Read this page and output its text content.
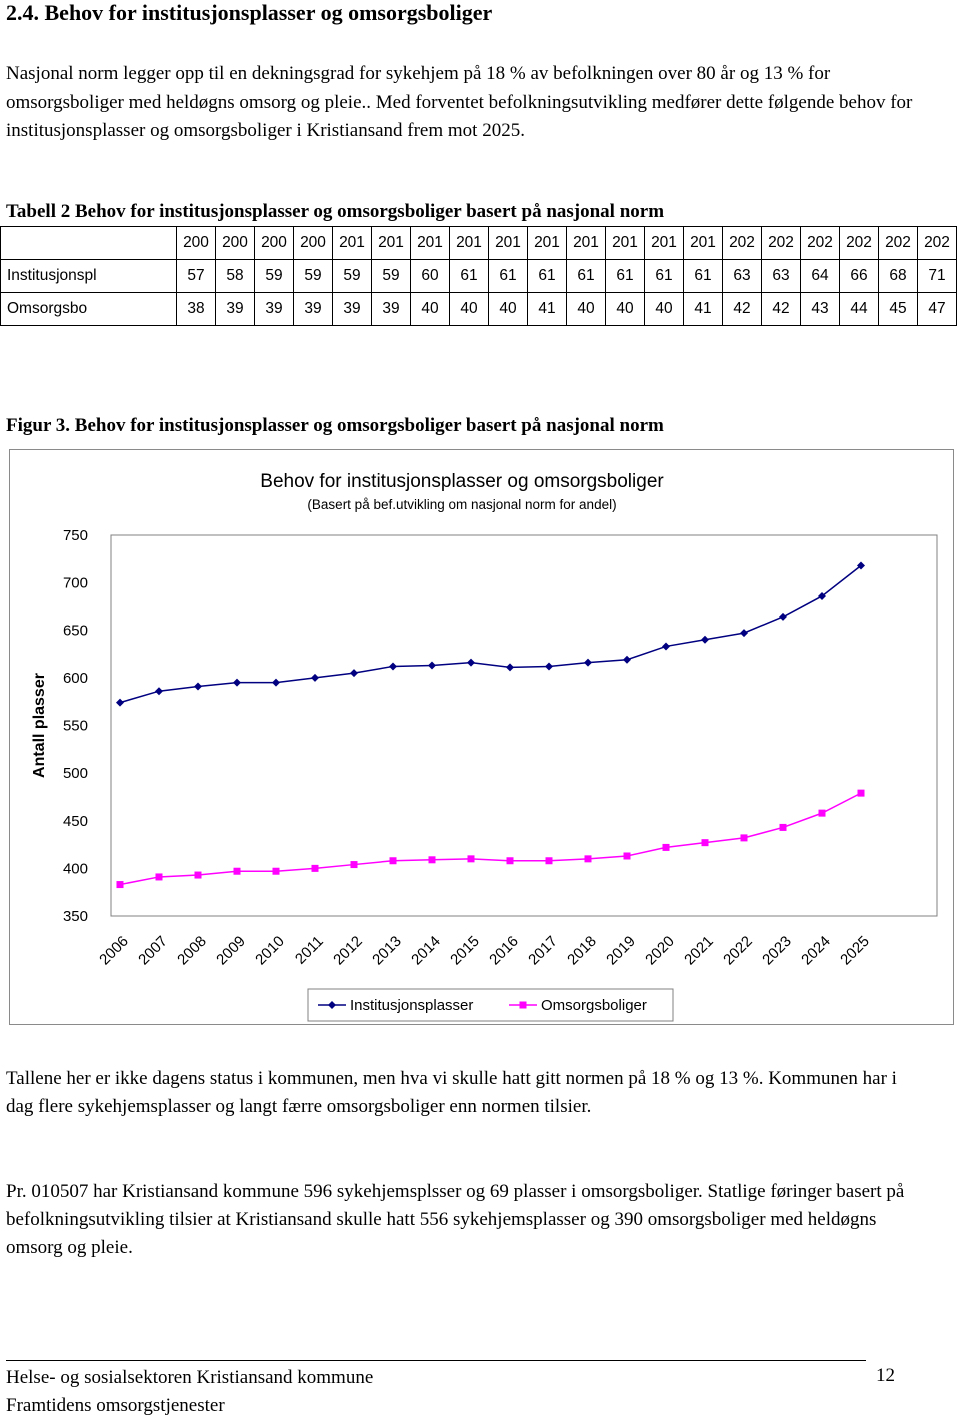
2.4. Behov for institusjonsplasser og omsorgsboliger
Nasjonal norm legger opp til en dekningsgrad for sykehjem på 18 % av befolkningen over 80 år og 13 % for omsorgsboliger med heldøgns omsorg og pleie.. Med forventet befolkningsutvikling medfører dette følgende behov for institusjonsplasser og omsorgsboliger i Kristiansand frem mot 2025.
Tabell 2 Behov for institusjonsplasser og omsorgsboliger basert på nasjonal norm
	200	200	200	200	201	201	201	201	201	201	201	201	201	201	202	202	202	202	202	202
Institusjonspl	57	58	59	59	59	59	60	61	61	61	61	61	61	61	63	63	64	66	68	71
Omsorgsbo	38	39	39	39	39	39	40	40	40	41	40	40	40	41	42	42	43	44	45	47
Figur 3. Behov for institusjonsplasser og omsorgsboliger basert på nasjonal norm
Behov for institusjonsplasser og omsorgsboliger
(Basert på bef.utvikling om nasjonal norm for andel)
Antall plasser
350
400
450
500
550
600
650
700
750
2006 2007 2008 2009 2010 2011 2012 2013 2014 2015 2016 2017 2018 2019 2020 2021 2022 2023 2024 2025
Institusjonsplasser	Omsorgsboliger
Tallene her er ikke dagens status i kommunen, men hva vi skulle hatt gitt normen på 18 % og 13 %. Kommunen har i dag flere sykehjemsplasser og langt færre omsorgsboliger enn normen tilsier.
Pr. 010507 har Kristiansand kommune 596 sykehjemsplsser og 69 plasser i omsorgsboliger. Statlige føringer basert på befolkningsutvikling tilsier at Kristiansand skulle hatt 556 sykehjemsplasser og 390 omsorgsboliger med heldøgns omsorg og pleie.
Helse- og sosialsektoren Kristiansand kommune
Framtidens omsorgstjenester
12
